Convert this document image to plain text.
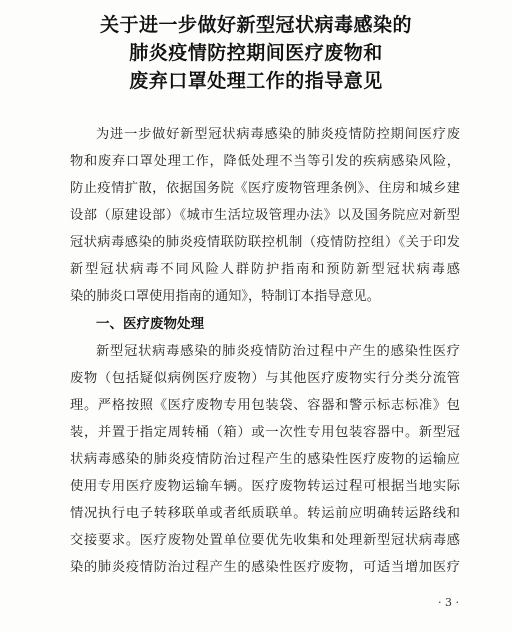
关于进一步做好新型冠状病毒感染的
肺炎疫情防控期间医疗废物和
废弃口罩处理工作的指导意见
为进一步做好新型冠状病毒感染的肺炎疫情防控期间医疗废
物和废弃口罩处理工作，降低处理不当等引发的疾病感染风险，
防止疫情扩散，依据国务院《医疗废物管理条例》、住房和城乡建
设部（原建设部）《城市生活垃圾管理办法》以及国务院应对新型
冠状病毒感染的肺炎疫情联防联控机制（疫情防控组）《关于印发
新型冠状病毒不同风险人群防护指南和预防新型冠状病毒感
染的肺炎口罩使用指南的通知》，特制订本指导意见。
一、医疗废物处理
新型冠状病毒感染的肺炎疫情防治过程中产生的感染性医疗
废物（包括疑似病例医疗废物）与其他医疗废物实行分类分流管
理。严格按照《医疗废物专用包装袋、容器和警示标志标准》包
装，并置于指定周转桶（箱）或一次性专用包装容器中。新型冠
状病毒感染的肺炎疫情防治过程产生的感染性医疗废物的运输应
使用专用医疗废物运输车辆。医疗废物转运过程可根据当地实际
情况执行电子转移联单或者纸质联单。转运前应明确转运路线和
交接要求。医疗废物处置单位要优先收集和处理新型冠状病毒感
染的肺炎疫情防治过程产生的感染性医疗废物，可适当增加医疗
· 3 ·
